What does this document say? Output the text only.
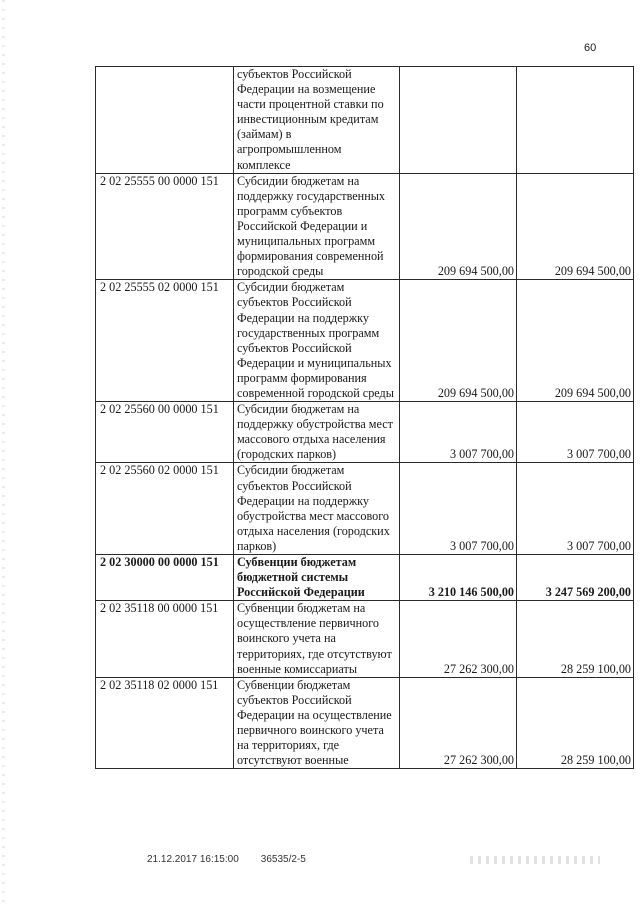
60
	субъектов Российской Федерации на возмещение части процентной ставки по инвестиционным кредитам (займам) в агропромышленном комплексе		
2 02 25555 00 0000 151	Субсидии бюджетам на поддержку государственных программ субъектов Российской Федерации и муниципальных программ формирования современной городской среды	209 694 500,00	209 694 500,00
2 02 25555 02 0000 151	Субсидии бюджетам субъектов Российской Федерации на поддержку государственных программ субъектов Российской Федерации и муниципальных программ формирования современной городской среды	209 694 500,00	209 694 500,00
2 02 25560 00 0000 151	Субсидии бюджетам на поддержку обустройства мест массового отдыха населения (городских парков)	3 007 700,00	3 007 700,00
2 02 25560 02 0000 151	Субсидии бюджетам субъектов Российской Федерации на поддержку обустройства мест массового отдыха населения (городских парков)	3 007 700,00	3 007 700,00
2 02 30000 00 0000 151	Субвенции бюджетам бюджетной системы Российской Федерации	3 210 146 500,00	3 247 569 200,00
2 02 35118 00 0000 151	Субвенции бюджетам на осуществление первичного воинского учета на территориях, где отсутствуют военные комиссариаты	27 262 300,00	28 259 100,00
2 02 35118 02 0000 151	Субвенции бюджетам субъектов Российской Федерации на осуществление первичного воинского учета на территориях, где отсутствуют военные	27 262 300,00	28 259 100,00
21.12.2017 16:15:00 36535/2-5
